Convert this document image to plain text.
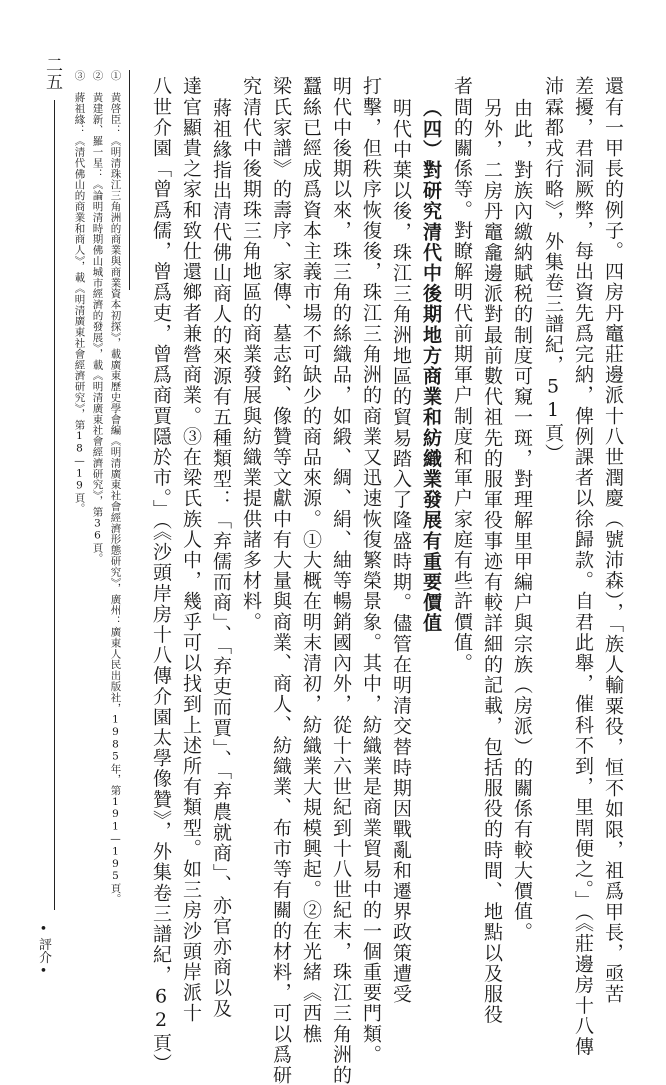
還有一甲長的例子。四房丹竈莊邊派十八世潤慶（號沛森），「族人輸粟役，恒不如限，祖爲甲長，亟苦
差擾，君洞厥弊，每出資先爲完納，俾例課者以徐歸款。自君此舉，催科不到，里閈便之。」（《莊邊房十八傳
沛霖都戎行略》，外集卷三譜紀，51頁）
由此，對族內繳納賦税的制度可窺一斑，對理解里甲編户與宗族（房派）的關係有較大價值。
另外，二房丹竈龕邊派對最前數代祖先的服軍役事迹有較詳細的記載，包括服役的時間、地點以及服役
者間的關係等。對瞭解明代前期軍户制度和軍户家庭有些許價值。
（四）對研究清代中後期地方商業和紡織業發展有重要價值
明代中葉以後，珠江三角洲地區的貿易踏入了隆盛時期。儘管在明清交替時期因戰亂和遷界政策遭受
打擊，但秩序恢復後，珠江三角洲的商業又迅速恢復繁榮景象。其中，紡織業是商業貿易中的一個重要門類。
明代中後期以來，珠三角的絲織品，如緞、綢、絹、紬等暢銷國內外，從十六世紀到十八世紀末，珠江三角洲的
蠶絲已經成爲資本主義市場不可缺少的商品來源。①大概在明末清初，紡織業大規模興起。②在光緒《西樵
梁氏家譜》的壽序、家傳、墓志銘、像贊等文獻中有大量與商業、商人、紡織業、布市等有關的材料，可以爲研
究清代中後期珠三角地區的商業發展與紡織業提供諸多材料。
蔣祖緣指出清代佛山商人的來源有五種類型：「弃儒而商」、「弃吏而賈」、「弃農就商」、亦官亦商以及
達官顯貴之家和致仕還鄉者兼營商業。③在梁氏族人中，幾乎可以找到上述所有類型。如三房沙頭岸派十
八世介園「曾爲儒，曾爲吏，曾爲商賈隱於市。」（《沙頭岸房十八傳介園太學像贊》，外集卷三譜紀，62頁）
①　黄啓臣：《明清珠江三角洲的商業與商業資本初探》，載廣東歷史學會編《明清廣東社會經濟形態研究》，廣州：廣東人民出版社，1985年，第191—195頁。
②　黄建新、羅一星：《論明清時期佛山城市經濟的發展》，載《明清廣東社會經濟研究》，第36頁。
③　蔣祖緣：《清代佛山的商業和商人》，載《明清廣東社會經濟研究》，第18—19頁。
二五
•評介•
